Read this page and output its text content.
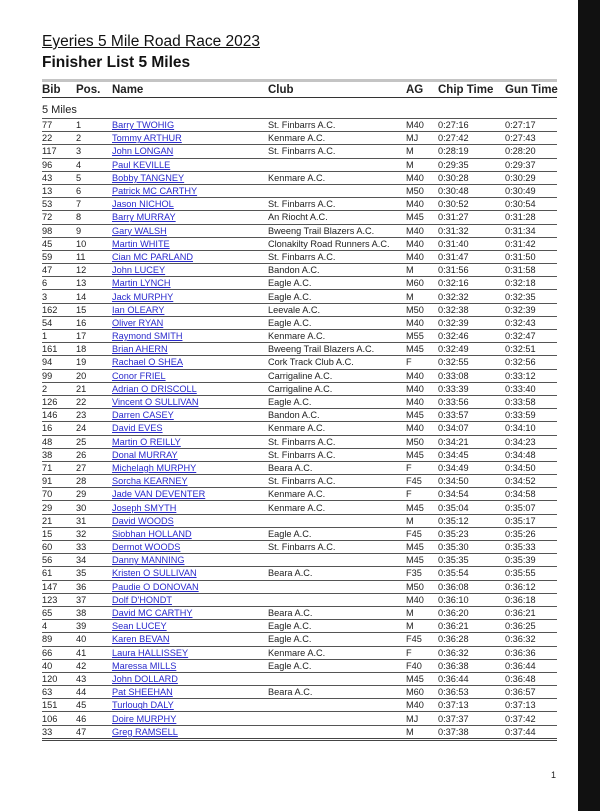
Eyeries 5 Mile Road Race 2023
Finisher List 5 Miles
Bib	Pos.	Name	Club	AG	Chip Time	Gun Time
5 Miles						
77	1	Barry TWOHIG	St. Finbarrs A.C.	M40	0:27:16	0:27:17
22	2	Tommy ARTHUR	Kenmare A.C.	MJ	0:27:42	0:27:43
117	3	John LONGAN	St. Finbarrs A.C.	M	0:28:19	0:28:20
96	4	Paul KEVILLE		M	0:29:35	0:29:37
43	5	Bobby TANGNEY	Kenmare A.C.	M40	0:30:28	0:30:29
13	6	Patrick MC CARTHY		M50	0:30:48	0:30:49
53	7	Jason NICHOL	St. Finbarrs A.C.	M40	0:30:52	0:30:54
72	8	Barry MURRAY	An Riocht A.C.	M45	0:31:27	0:31:28
98	9	Gary WALSH	Bweeng Trail Blazers A.C.	M40	0:31:32	0:31:34
45	10	Martin WHITE	Clonakilty Road Runners A.C.	M40	0:31:40	0:31:42
59	11	Cian MC PARLAND	St. Finbarrs A.C.	M40	0:31:47	0:31:50
47	12	John LUCEY	Bandon A.C.	M	0:31:56	0:31:58
6	13	Martin LYNCH	Eagle A.C.	M60	0:32:16	0:32:18
3	14	Jack MURPHY	Eagle A.C.	M	0:32:32	0:32:35
162	15	Ian OLEARY	Leevale A.C.	M50	0:32:38	0:32:39
54	16	Oliver RYAN	Eagle A.C.	M40	0:32:39	0:32:43
1	17	Raymond SMITH	Kenmare A.C.	M55	0:32:46	0:32:47
161	18	Brian AHERN	Bweeng Trail Blazers A.C.	M45	0:32:49	0:32:51
94	19	Rachael O SHEA	Cork Track Club A.C.	F	0:32:55	0:32:56
99	20	Conor FRIEL	Carrigaline A.C.	M40	0:33:08	0:33:12
2	21	Adrian O DRISCOLL	Carrigaline A.C.	M40	0:33:39	0:33:40
126	22	Vincent O SULLIVAN	Eagle A.C.	M40	0:33:56	0:33:58
146	23	Darren CASEY	Bandon A.C.	M45	0:33:57	0:33:59
16	24	David EVES	Kenmare A.C.	M40	0:34:07	0:34:10
48	25	Martin O REILLY	St. Finbarrs A.C.	M50	0:34:21	0:34:23
38	26	Donal MURRAY	St. Finbarrs A.C.	M45	0:34:45	0:34:48
71	27	Michelagh MURPHY	Beara A.C.	F	0:34:49	0:34:50
91	28	Sorcha KEARNEY	St. Finbarrs A.C.	F45	0:34:50	0:34:52
70	29	Jade VAN DEVENTER	Kenmare A.C.	F	0:34:54	0:34:58
29	30	Joseph SMYTH	Kenmare A.C.	M45	0:35:04	0:35:07
21	31	David WOODS		M	0:35:12	0:35:17
15	32	Siobhan HOLLAND	Eagle A.C.	F45	0:35:23	0:35:26
60	33	Dermot WOODS	St. Finbarrs A.C.	M45	0:35:30	0:35:33
56	34	Danny MANNING		M45	0:35:35	0:35:39
61	35	Kristen O SULLIVAN	Beara A.C.	F35	0:35:54	0:35:55
147	36	Paudie O DONOVAN		M50	0:36:08	0:36:12
123	37	Dolf D'HONDT		M40	0:36:10	0:36:18
65	38	David MC CARTHY	Beara A.C.	M	0:36:20	0:36:21
4	39	Sean LUCEY	Eagle A.C.	M	0:36:21	0:36:25
89	40	Karen BEVAN	Eagle A.C.	F45	0:36:28	0:36:32
66	41	Laura HALLISSEY	Kenmare A.C.	F	0:36:32	0:36:36
40	42	Maressa MILLS	Eagle A.C.	F40	0:36:38	0:36:44
120	43	John DOLLARD		M45	0:36:44	0:36:48
63	44	Pat SHEEHAN	Beara A.C.	M60	0:36:53	0:36:57
151	45	Turlough DALY		M40	0:37:13	0:37:13
106	46	Doire MURPHY		MJ	0:37:37	0:37:42
33	47	Greg RAMSELL		M	0:37:38	0:37:44
1
